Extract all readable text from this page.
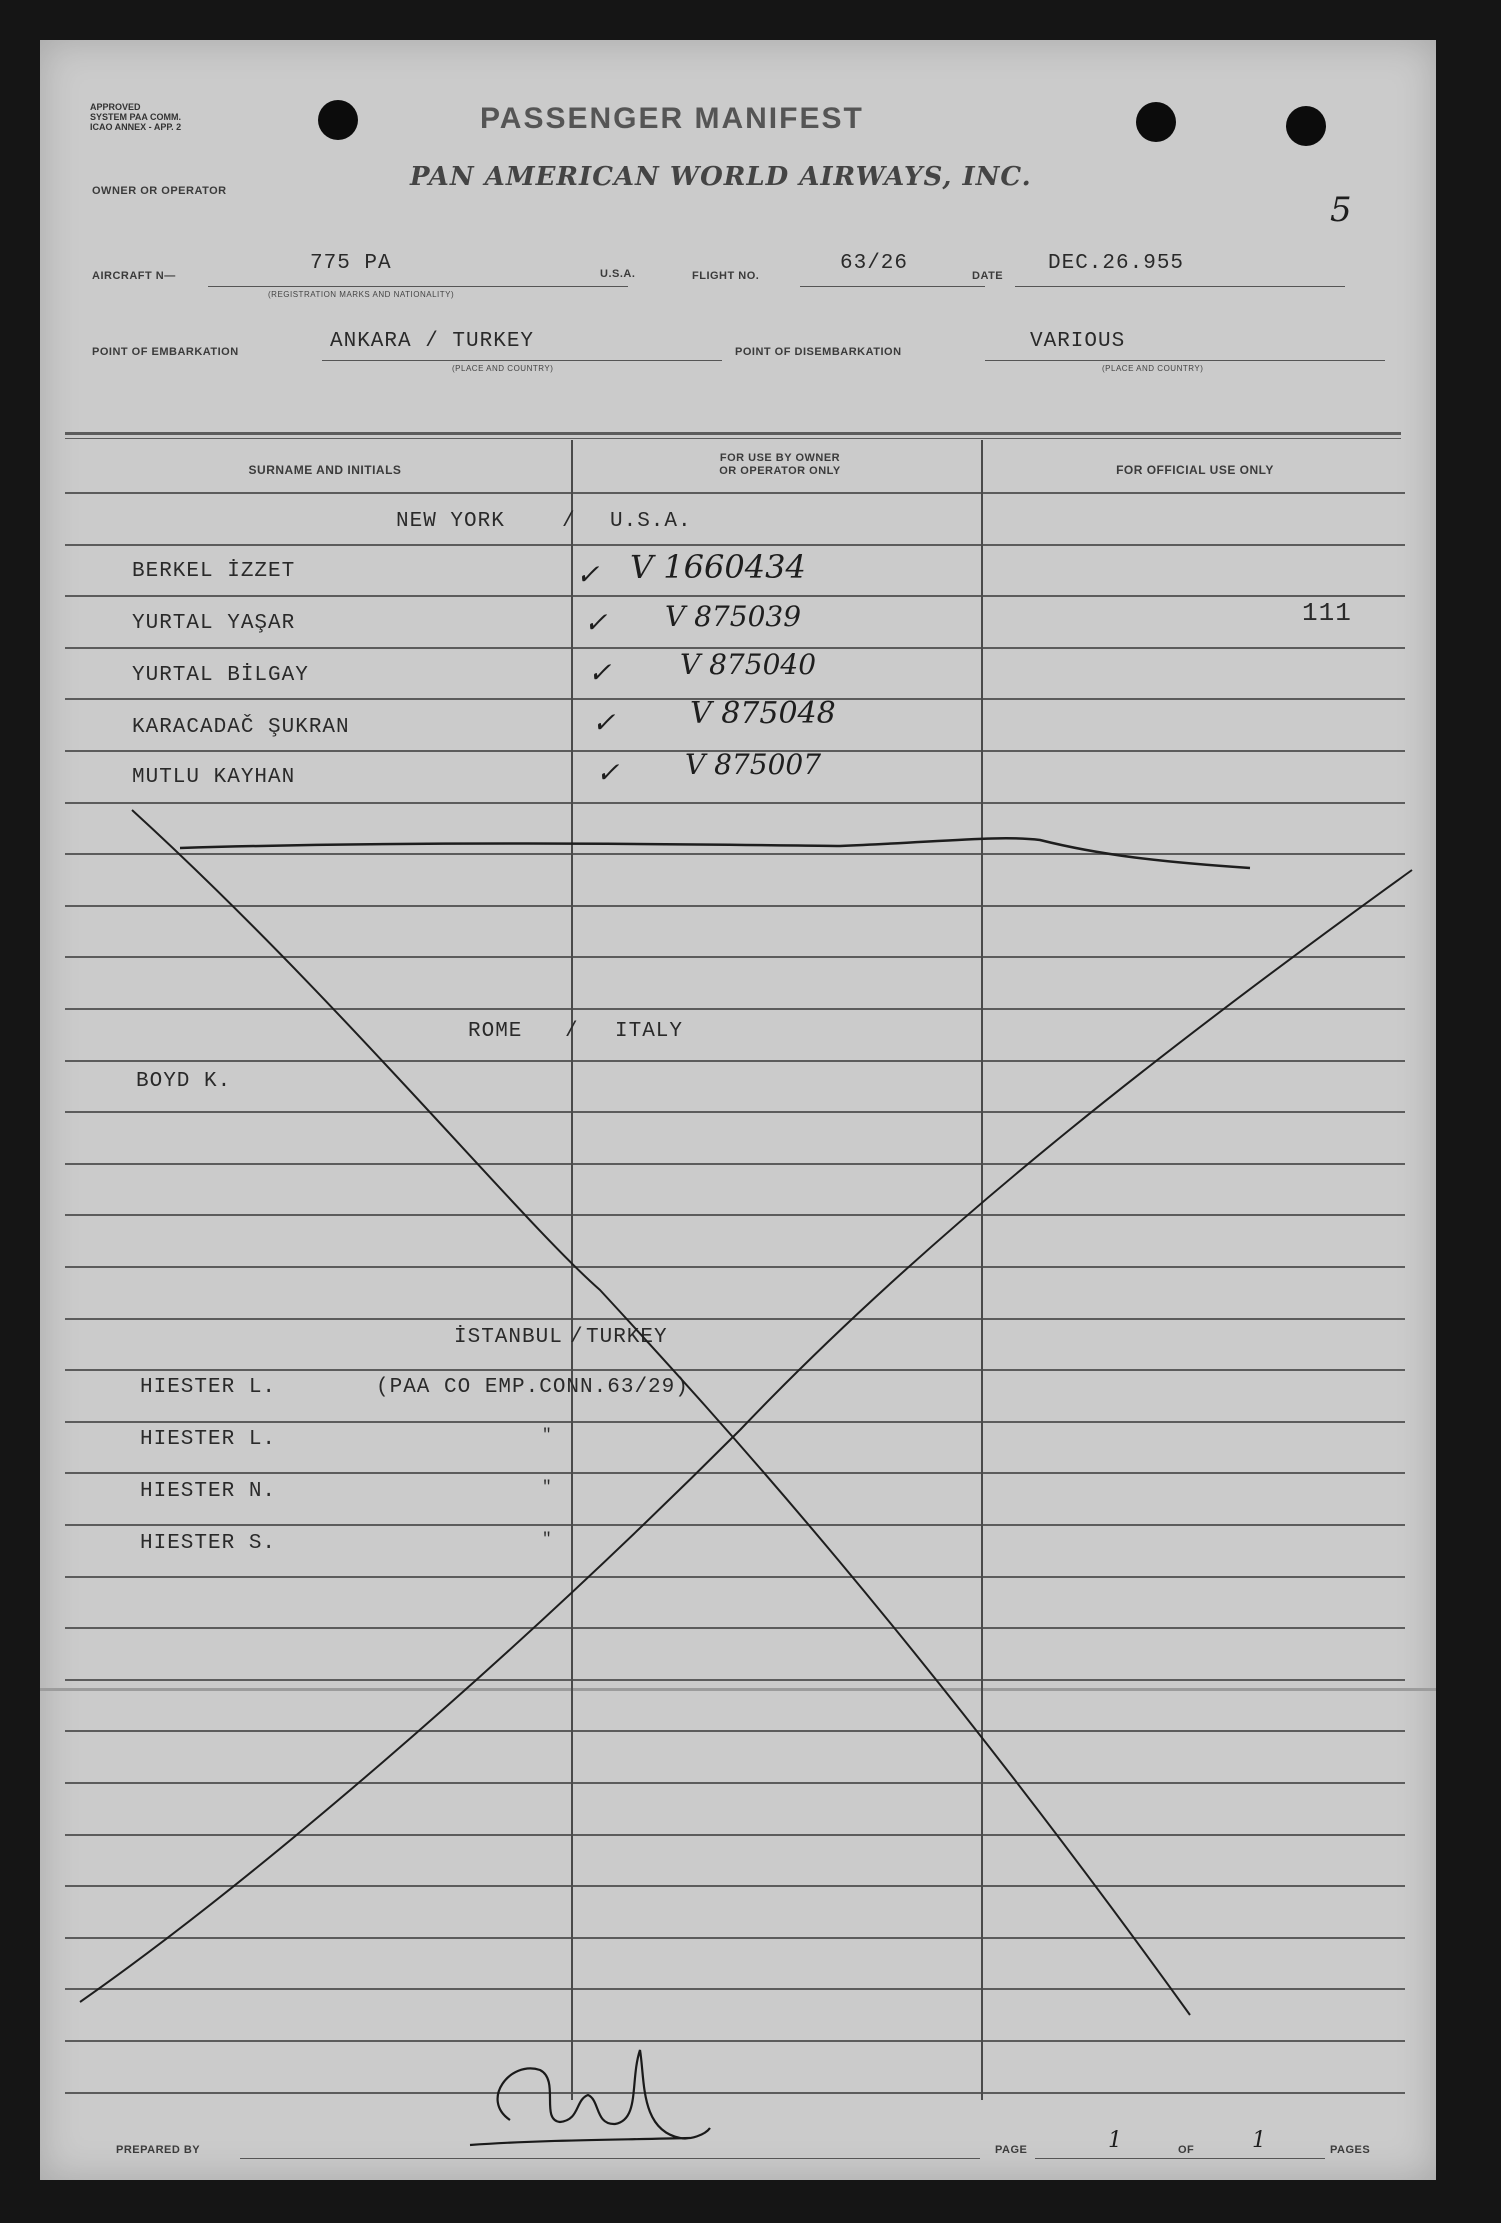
APPROVED
SYSTEM PAA COMM.
ICAO ANNEX - APP. 2	PASSENGER MANIFEST
OWNER OR OPERATOR	PAN AMERICAN WORLD AIRWAYS, INC.
5
AIRCRAFT N—
775 PA
(REGISTRATION MARKS AND NATIONALITY)
U.S.A.	FLIGHT NO.
63/26
DATE
DEC.26.955
POINT OF EMBARKATION	ANKARA / TURKEY
(PLACE AND COUNTRY)
POINT OF DISEMBARKATION	VARIOUS
(PLACE AND COUNTRY)
SURNAME AND INITIALS
FOR USE BY OWNER
OR OPERATOR ONLY	FOR OFFICIAL USE ONLY
NEW YORK	/ U.S.A.
BERKEL İZZET	✓ V 1660434
YURTAL YAŞAR	✓ V 875039	111
YURTAL BİLGAY	✓ V 875040
KARACADAČ ŞUKRAN	✓ V 875048
MUTLU KAYHAN	✓ V 875007
ROME / ITALY
BOYD K.
İSTANBUL / TURKEY
HIESTER L.	(PAA CO EMP.CONN.63/29)
HIESTER L.	"
HIESTER N.	"
HIESTER S.	"
PREPARED BY	PAGE	1	OF	1	PAGES
